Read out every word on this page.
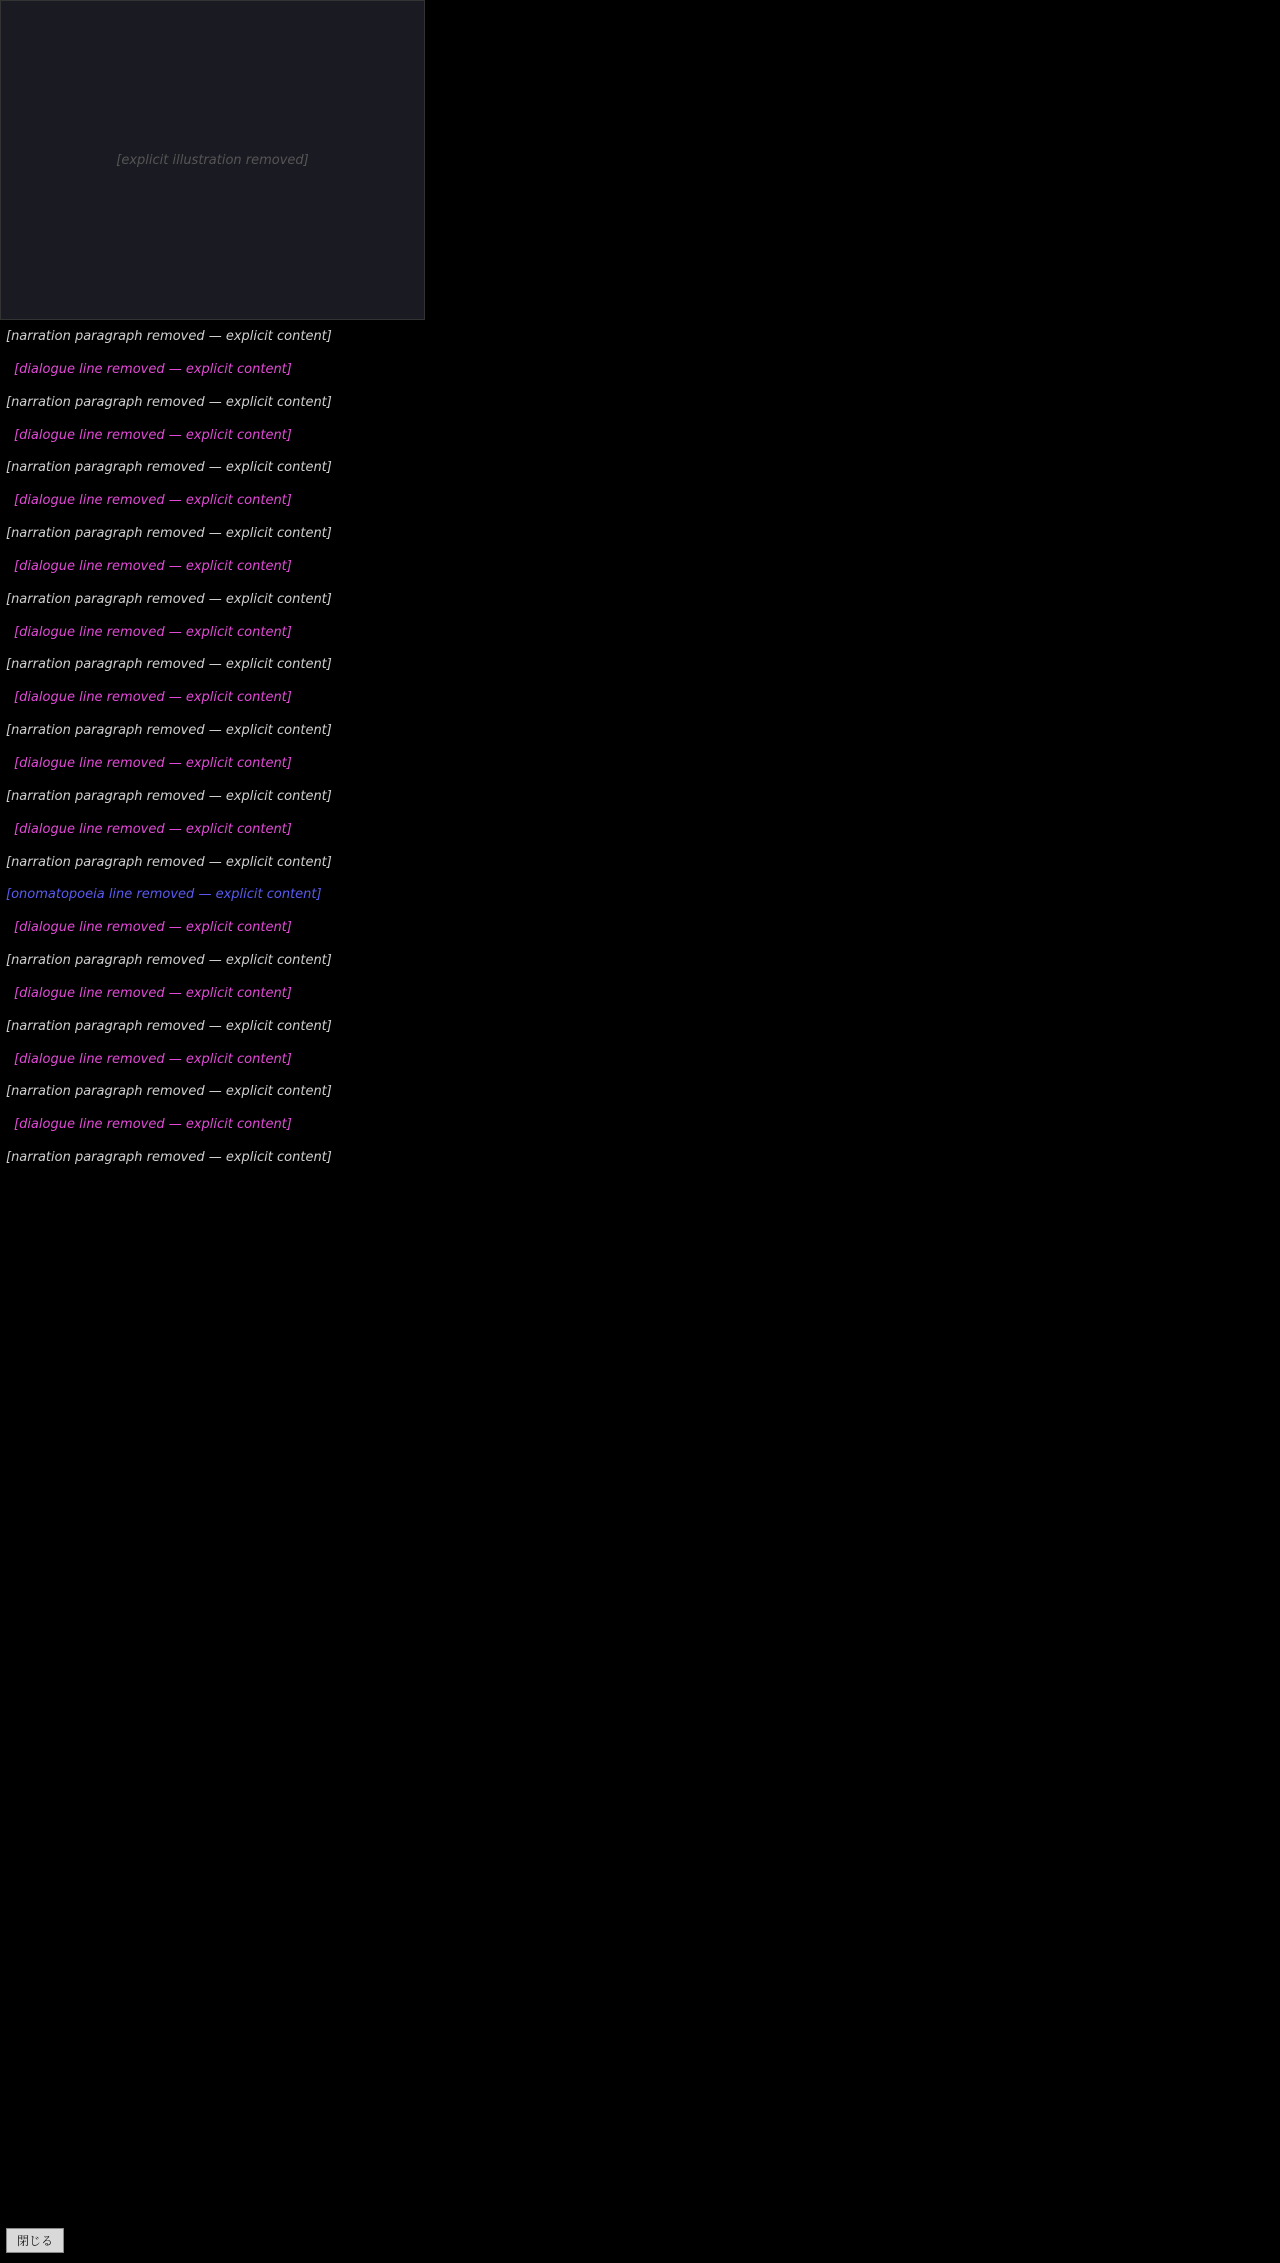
[explicit illustration removed]
[narration paragraph removed — explicit content]
[dialogue line removed — explicit content]
[narration paragraph removed — explicit content]
[dialogue line removed — explicit content]
[narration paragraph removed — explicit content]
[dialogue line removed — explicit content]
[narration paragraph removed — explicit content]
[dialogue line removed — explicit content]
[narration paragraph removed — explicit content]
[dialogue line removed — explicit content]
[narration paragraph removed — explicit content]
[dialogue line removed — explicit content]
[narration paragraph removed — explicit content]
[dialogue line removed — explicit content]
[narration paragraph removed — explicit content]
[dialogue line removed — explicit content]
[narration paragraph removed — explicit content]
[onomatopoeia line removed — explicit content]
[dialogue line removed — explicit content]
[narration paragraph removed — explicit content]
[dialogue line removed — explicit content]
[narration paragraph removed — explicit content]
[dialogue line removed — explicit content]
[narration paragraph removed — explicit content]
[dialogue line removed — explicit content]
[narration paragraph removed — explicit content]
閉じる
